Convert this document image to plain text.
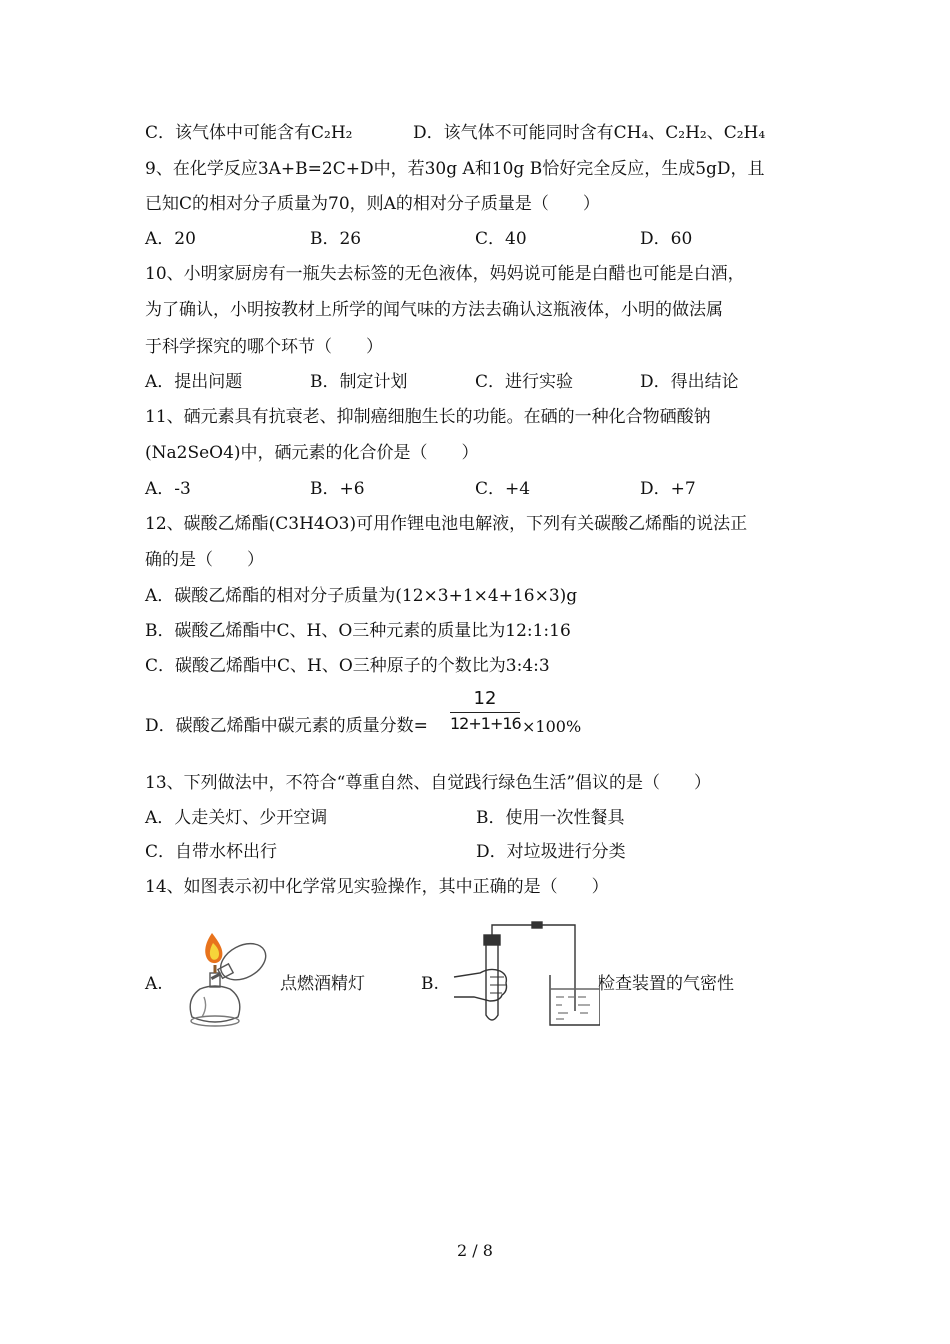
C．该气体中可能含有C₂H₂	D．该气体不可能同时含有CH₄、C₂H₂、C₂H₄
9、在化学反应3A+B=2C+D中，若30g A和10g B恰好完全反应，生成5gD，且
已知C的相对分子质量为70，则A的相对分子质量是（　　）
A．20	B．26	C．40	D．60
10、小明家厨房有一瓶失去标签的无色液体，妈妈说可能是白醋也可能是白酒，
为了确认，小明按教材上所学的闻气味的方法去确认这瓶液体，小明的做法属
于科学探究的哪个环节（　　）
A．提出问题	B．制定计划	C．进行实验	D．得出结论
11、硒元素具有抗衰老、抑制癌细胞生长的功能。在硒的一种化合物硒酸钠
(Na2SeO4)中，硒元素的化合价是（　　）
A．-3	B．+6	C．+4	D．+7
12、碳酸乙烯酯(C3H4O3)可用作锂电池电解液，下列有关碳酸乙烯酯的说法正
确的是（　　）
A．碳酸乙烯酯的相对分子质量为(12×3+1×4+16×3)g
B．碳酸乙烯酯中C、H、O三种元素的质量比为12:1:16
C．碳酸乙烯酯中C、H、O三种原子的个数比为3:4:3
D．碳酸乙烯酯中碳元素的质量分数=
12
12+1+16 ×100%
13、下列做法中，不符合“尊重自然、自觉践行绿色生活”倡议的是（　　）
A．人走关灯、少开空调	B．使用一次性餐具
C．自带水杯出行	D．对垃圾进行分类
14、如图表示初中化学常见实验操作，其中正确的是（　　）
A.	点燃酒精灯	B.	检查装置的气密性
2 / 8
